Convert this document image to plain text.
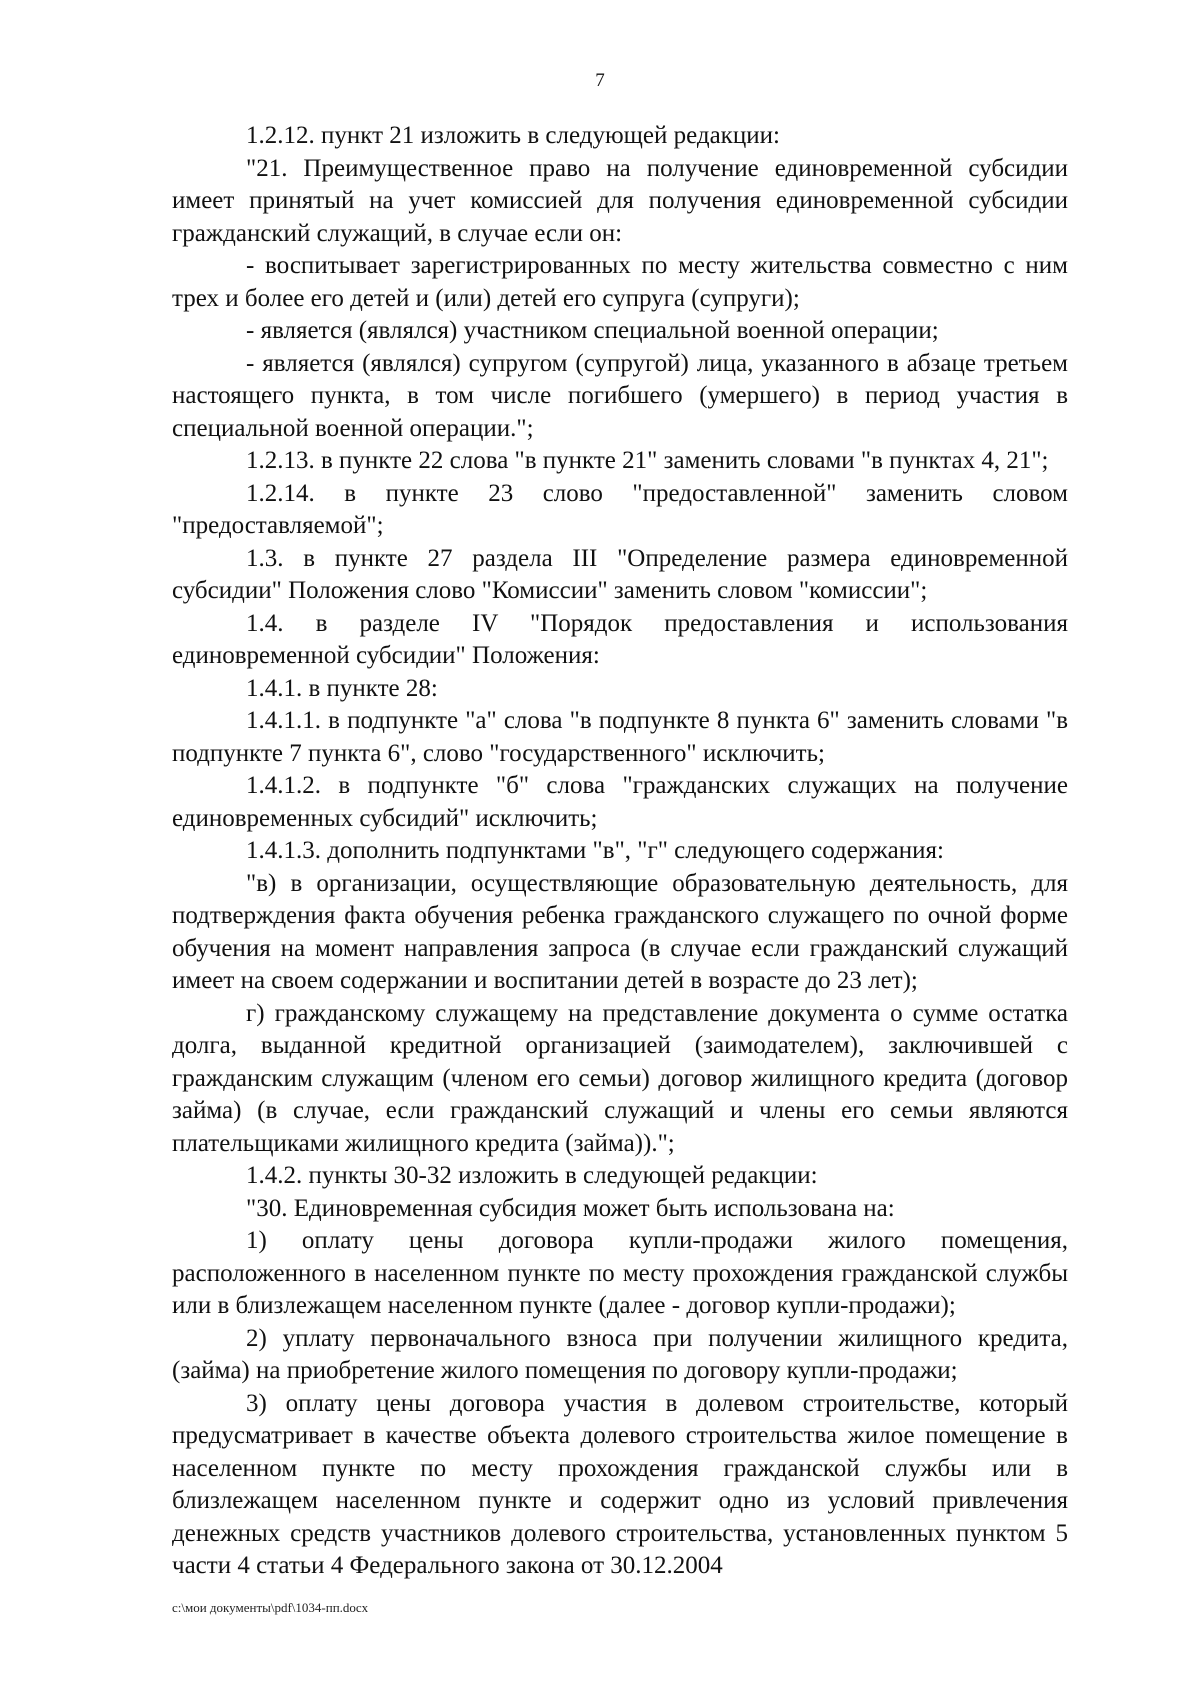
7

1.2.12. пункт 21 изложить в следующей редакции:

"21. Преимущественное право на получение единовременной субсидии имеет принятый на учет комиссией для получения единовременной субсидии гражданский служащий, в случае если он:

- воспитывает зарегистрированных по месту жительства совместно с ним трех и более его детей и (или) детей его супруга (супруги);

- является (являлся) участником специальной военной операции;

- является (являлся) супругом (супругой) лица, указанного в абзаце третьем настоящего пункта, в том числе погибшего (умершего) в период участия в специальной военной операции.";

1.2.13. в пункте 22 слова "в пункте 21" заменить словами "в пунктах 4, 21";

1.2.14. в пункте 23 слово "предоставленной" заменить словом "предоставляемой";

1.3. в пункте 27 раздела III "Определение размера единовременной субсидии" Положения слово "Комиссии" заменить словом "комиссии";

1.4. в разделе IV "Порядок предоставления и использования единовременной субсидии" Положения:

1.4.1. в пункте 28:

1.4.1.1. в подпункте "а" слова "в подпункте 8 пункта 6" заменить словами "в подпункте 7 пункта 6", слово "государственного" исключить;

1.4.1.2. в подпункте "б" слова "гражданских служащих на получение единовременных субсидий" исключить;

1.4.1.3. дополнить подпунктами "в", "г" следующего содержания:

"в) в организации, осуществляющие образовательную деятельность, для подтверждения факта обучения ребенка гражданского служащего по очной форме обучения на момент направления запроса (в случае если гражданский служащий имеет на своем содержании и воспитании детей в возрасте до 23 лет);

г) гражданскому служащему на представление документа о сумме остатка долга, выданной кредитной организацией (заимодателем), заключившей с гражданским служащим (членом его семьи) договор жилищного кредита (договор займа) (в случае, если гражданский служащий и члены его семьи являются плательщиками жилищного кредита (займа)).";

1.4.2. пункты 30-32 изложить в следующей редакции:

"30. Единовременная субсидия может быть использована на:

1) оплату цены договора купли-продажи жилого помещения, расположенного в населенном пункте по месту прохождения гражданской службы или в близлежащем населенном пункте (далее - договор купли-продажи);

2) уплату первоначального взноса при получении жилищного кредита, (займа) на приобретение жилого помещения по договору купли-продажи;

3) оплату цены договора участия в долевом строительстве, который предусматривает в качестве объекта долевого строительства жилое помещение в населенном пункте по месту прохождения гражданской службы или в близлежащем населенном пункте и содержит одно из условий привлечения денежных средств участников долевого строительства, установленных пунктом 5 части 4 статьи 4 Федерального закона от 30.12.2004

c:\мои документы\pdf\1034-пп.docx
